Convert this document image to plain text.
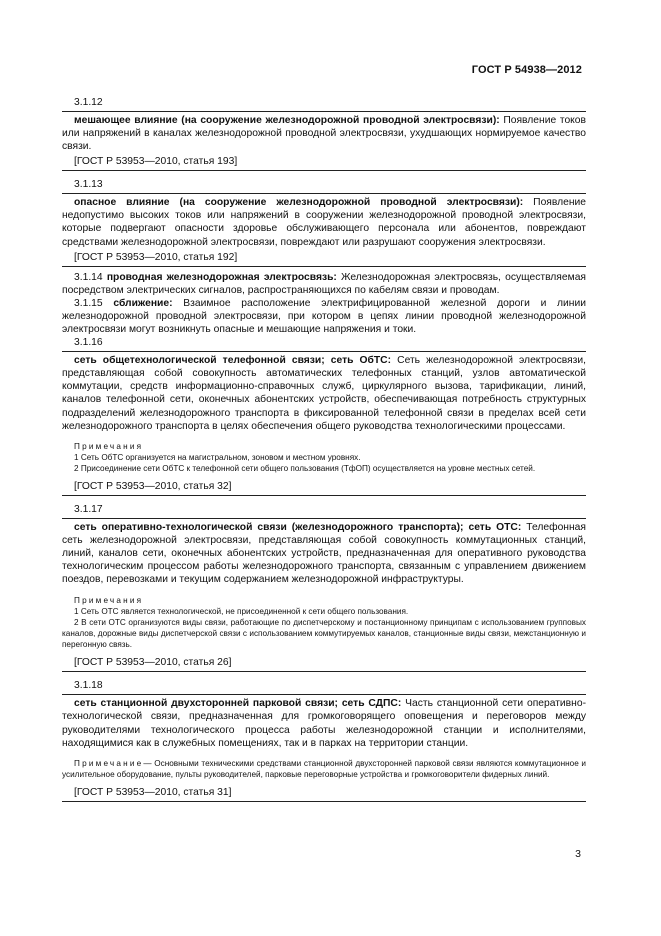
ГОСТ Р 54938—2012
3.1.12

мешающее влияние (на сооружение железнодорожной проводной электросвязи): Появление токов или напряжений в каналах железнодорожной проводной электросвязи, ухудшающих нормируемое качество связи.

[ГОСТ Р 53953—2010, статья 193]
3.1.13

опасное влияние (на сооружение железнодорожной проводной электросвязи): Появление недопустимо высоких токов или напряжений в сооружении железнодорожной проводной электросвязи, которые подвергают опасности здоровье обслуживающего персонала или абонентов, повреждают средствами железнодорожной электросвязи, повреждают или разрушают сооружения электросвязи.

[ГОСТ Р 53953—2010, статья 192]

3.1.14 проводная железнодорожная электросвязь: Железнодорожная электросвязь, осуществляемая посредством электрических сигналов, распространяющихся по кабелям связи и проводам.

3.1.15 сближение: Взаимное расположение электрифицированной железной дороги и линии железнодорожной проводной электросвязи, при котором в цепях линии проводной железнодорожной электросвязи могут возникнуть опасные и мешающие напряжения и токи.

3.1.16

сеть общетехнологической телефонной связи; сеть ОбТС: Сеть железнодорожной электросвязи, представляющая собой совокупность автоматических телефонных станций, узлов автоматической коммутации, средств информационно-справочных служб, циркулярного вызова, тарификации, линий, каналов телефонной сети, оконечных абонентских устройств, обеспечивающая потребность структурных подразделений железнодорожного транспорта в фиксированной телефонной связи в пределах всей сети железнодорожного транспорта в целях обеспечения общего руководства технологическими процессами.

Примечания

1 Сеть ОбТС организуется на магистральном, зоновом и местном уровнях.

2 Присоединение сети ОбТС к телефонной сети общего пользования (ТфОП) осуществляется на уровне местных сетей.

[ГОСТ Р 53953—2010, статья 32]
3.1.17

сеть оперативно-технологической связи (железнодорожного транспорта); сеть ОТС: Телефонная сеть железнодорожной электросвязи, представляющая собой совокупность коммутационных станций, линий, каналов сети, оконечных абонентских устройств, предназначенная для оперативного руководства технологическим процессом работы железнодорожного транспорта, связанным с управлением движением поездов, перевозками и текущим содержанием железнодорожной инфраструктуры.

Примечания

1 Сеть ОТС является технологической, не присоединенной к сети общего пользования.

2 В сети ОТС организуются виды связи, работающие по диспетчерскому и постанционному принципам с использованием групповых каналов, дорожные виды диспетчерской связи с использованием коммутируемых каналов, станционные виды связи, межстанционную и перегонную связь.

[ГОСТ Р 53953—2010, статья 26]
3.1.18

сеть станционной двухсторонней парковой связи; сеть СДПС: Часть станционной сети оперативно-технологической связи, предназначенная для громкоговорящего оповещения и переговоров между руководителями технологического процесса работы железнодорожной станции и исполнителями, находящимися как в служебных помещениях, так и в парках на территории станции.

Примечание— Основными техническими средствами станционной двухсторонней парковой связи являются коммутационное и усилительное оборудование, пульты руководителей, парковые переговорные устройства и громкоговорители фидерных линий.

[ГОСТ Р 53953—2010, статья 31]
3
